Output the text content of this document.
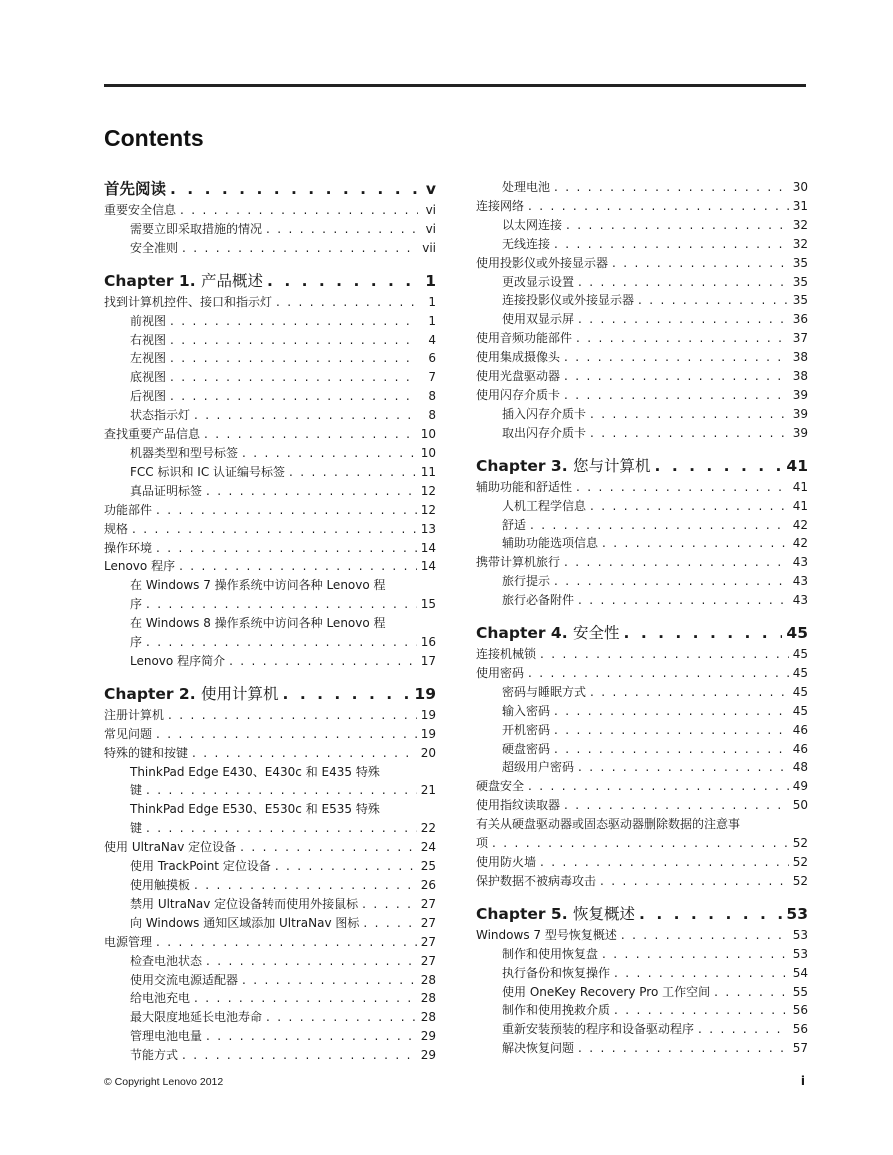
Contents
首先阅读 . . .	v
重要安全信息 . . .	vi
需要立即采取措施的情况 . . .	vi
安全准则 . . .	vii
Chapter 1. 产品概述 . . .	1
找到计算机控件、接口和指示灯 . . .	1
前视图 . . .	1
右视图 . . .	4
左视图 . . .	6
底视图 . . .	7
后视图 . . .	8
状态指示灯 . . .	8
查找重要产品信息 . . .	10
机器类型和型号标签 . . .	10
FCC 标识和 IC 认证编号标签 . . .	11
真品证明标签 . . .	12
功能部件 . . .	12
规格 . . .	13
操作环境 . . .	14
Lenovo 程序 . . .	14
在 Windows 7 操作系统中访问各种 Lenovo 程
序 . . .	15
在 Windows 8 操作系统中访问各种 Lenovo 程
序 . . .	16
Lenovo 程序简介 . . .	17
Chapter 2. 使用计算机 . . .	19
注册计算机 . . .	19
常见问题 . . .	19
特殊的键和按键 . . .	20
ThinkPad Edge E430、E430c 和 E435 特殊
键 . . .	21
ThinkPad Edge E530、E530c 和 E535 特殊
键 . . .	22
使用 UltraNav 定位设备 . . .	24
使用 TrackPoint 定位设备 . . .	25
使用触摸板 . . .	26
禁用 UltraNav 定位设备转而使用外接鼠标 . . .	27
向 Windows 通知区域添加 UltraNav 图标 . . .	27
电源管理 . . .	27
检查电池状态 . . .	27
使用交流电源适配器 . . .	28
给电池充电 . . .	28
最大限度地延长电池寿命 . . .	28
管理电池电量 . . .	29
节能方式 . . .	29
处理电池 . . .	30
连接网络 . . .	31
以太网连接 . . .	32
无线连接 . . .	32
使用投影仪或外接显示器 . . .	35
更改显示设置 . . .	35
连接投影仪或外接显示器 . . .	35
使用双显示屏 . . .	36
使用音频功能部件 . . .	37
使用集成摄像头 . . .	38
使用光盘驱动器 . . .	38
使用闪存介质卡 . . .	39
插入闪存介质卡 . . .	39
取出闪存介质卡 . . .	39
Chapter 3. 您与计算机 . . .	41
辅助功能和舒适性 . . .	41
人机工程学信息 . . .	41
舒适 . . .	42
辅助功能选项信息 . . .	42
携带计算机旅行 . . .	43
旅行提示 . . .	43
旅行必备附件 . . .	43
Chapter 4. 安全性 . . .	45
连接机械锁 . . .	45
使用密码 . . .	45
密码与睡眠方式 . . .	45
输入密码 . . .	45
开机密码 . . .	46
硬盘密码 . . .	46
超级用户密码 . . .	48
硬盘安全 . . .	49
使用指纹读取器 . . .	50
有关从硬盘驱动器或固态驱动器删除数据的注意事
项 . . .	52
使用防火墙 . . .	52
保护数据不被病毒攻击 . . .	52
Chapter 5. 恢复概述 . . .	53
Windows 7 型号恢复概述 . . .	53
制作和使用恢复盘 . . .	53
执行备份和恢复操作 . . .	54
使用 OneKey Recovery Pro 工作空间 . . .	55
制作和使用挽救介质 . . .	56
重新安装预装的程序和设备驱动程序 . . .	56
解决恢复问题 . . .	57
© Copyright Lenovo 2012	i
